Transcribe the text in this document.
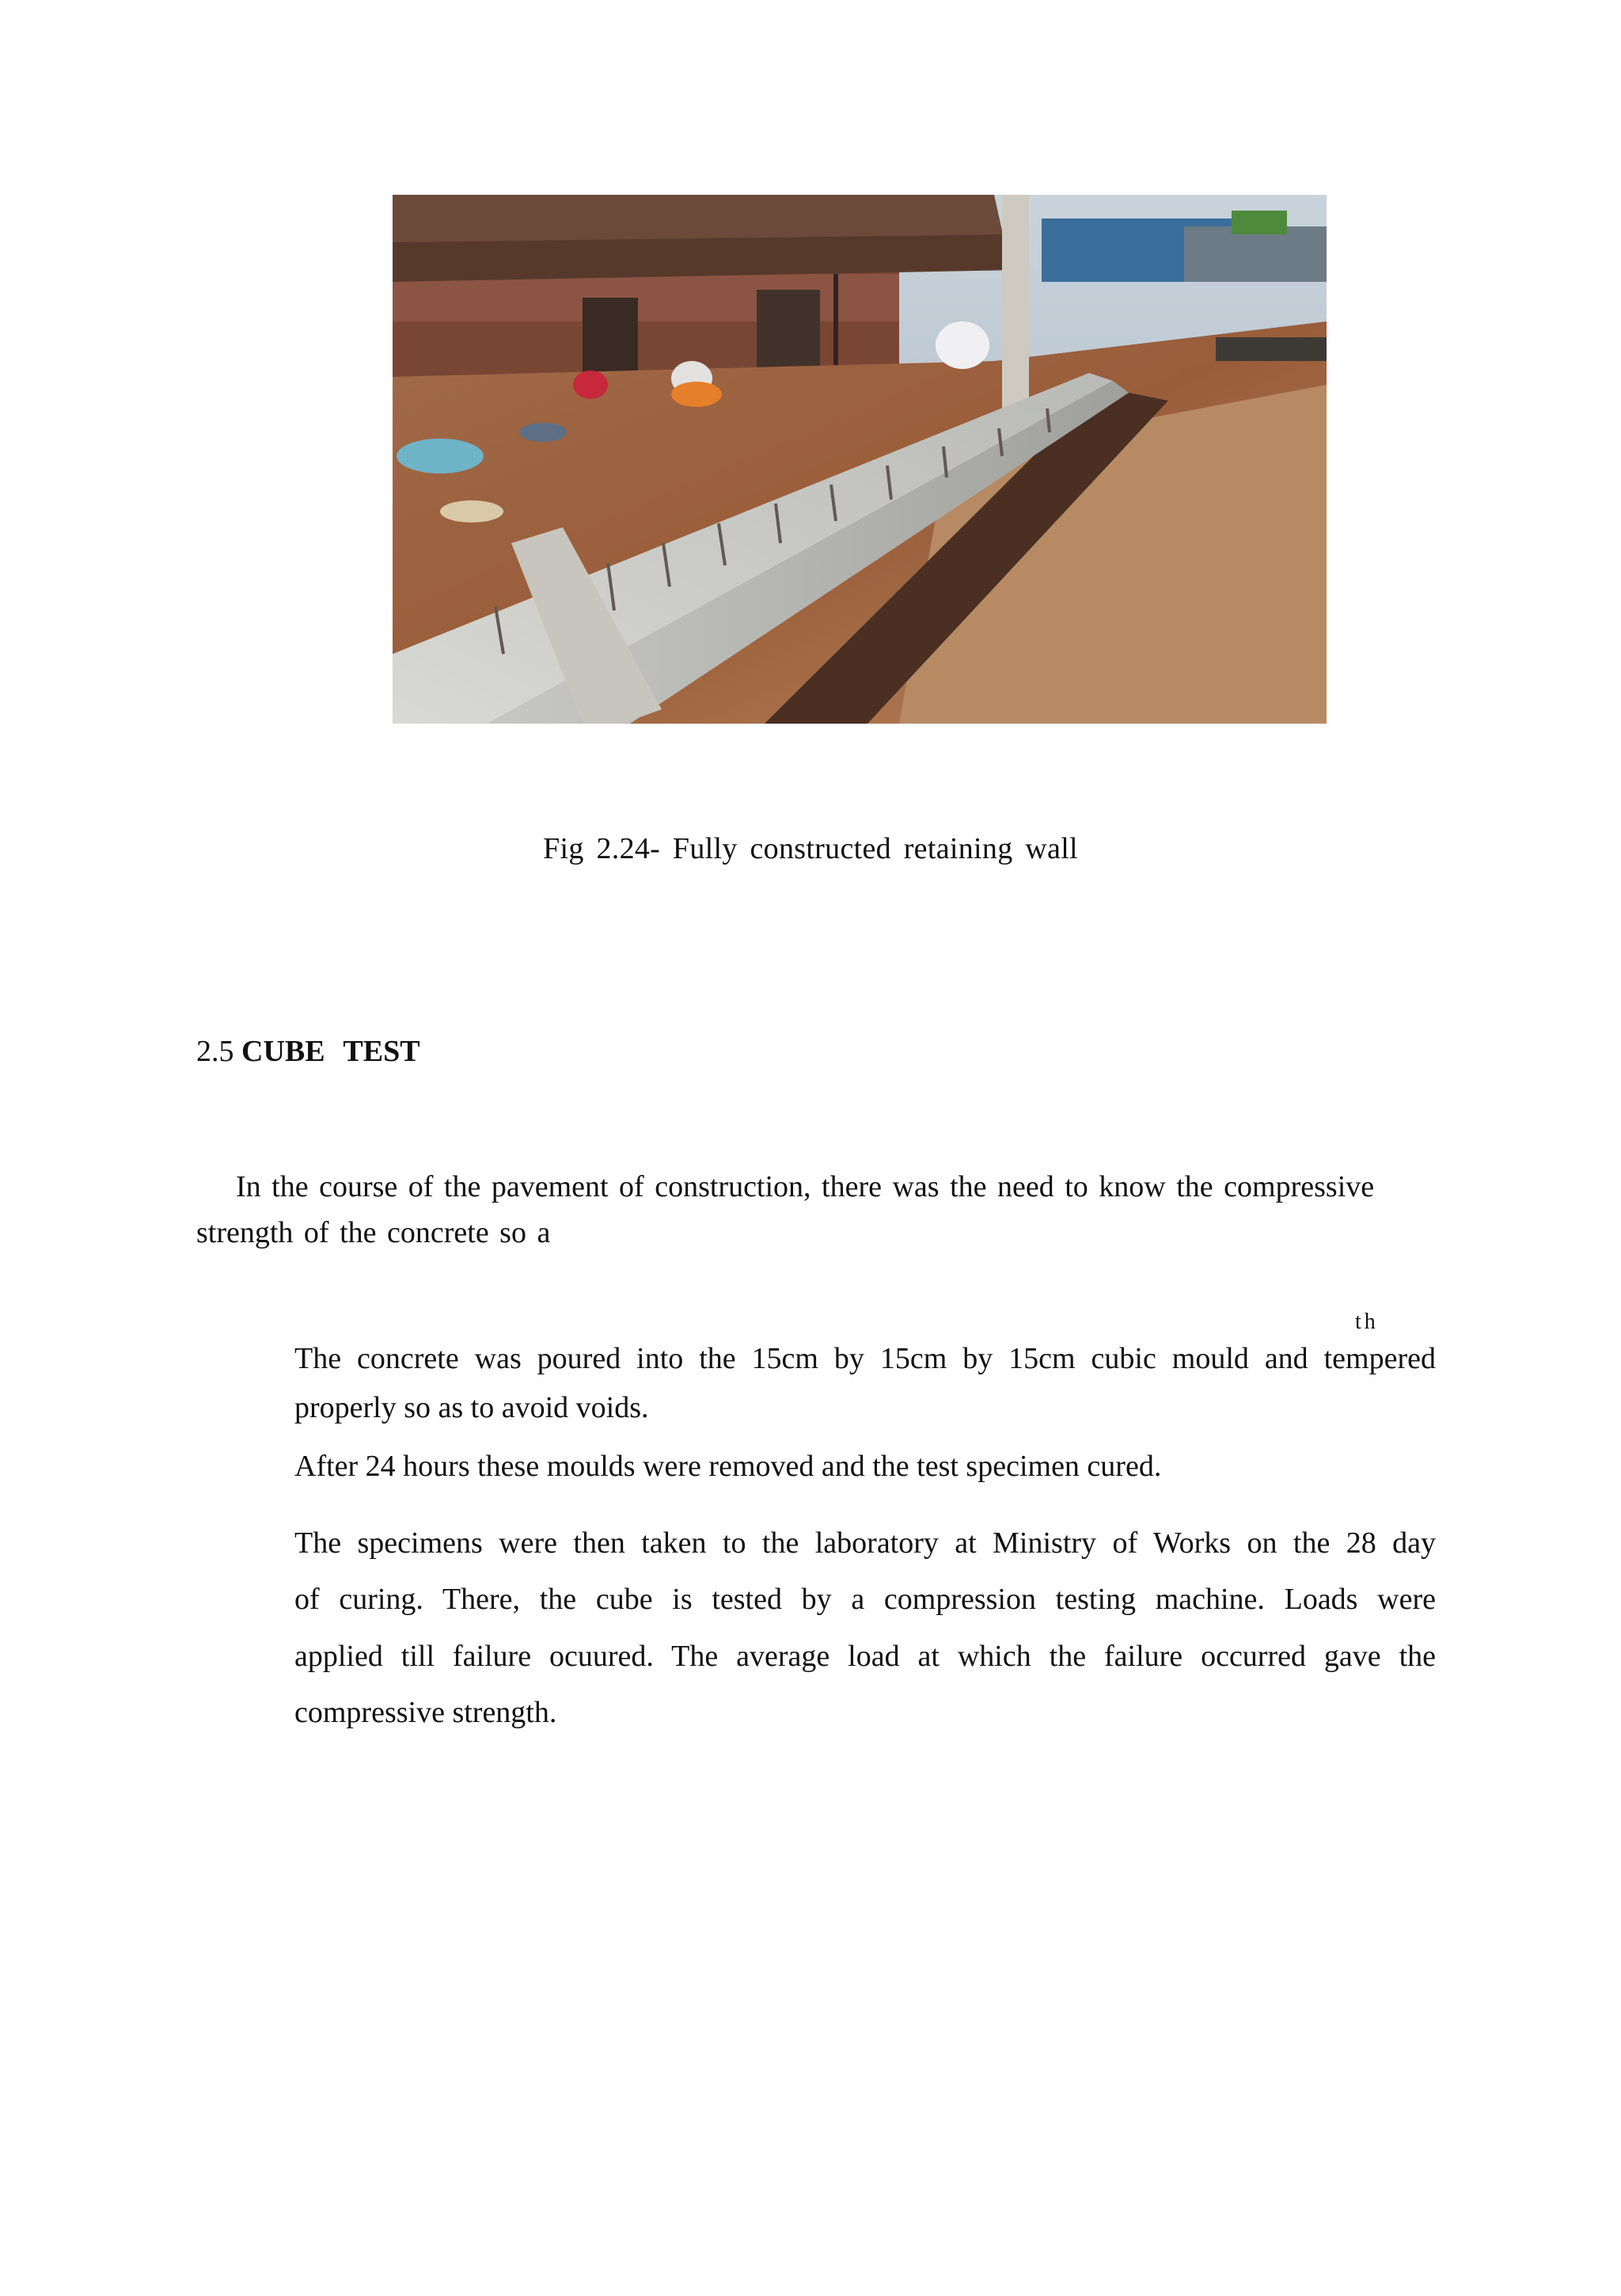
Fig 2.24- Fully constructed retaining wall
2.5 CUBE TEST

In the course of the pavement of construction, there was the need to know the compressive strength of the concrete so a

th

The concrete was poured into the 15cm by 15cm by 15cm cubic mould and tempered

properly so as to avoid voids.

After 24 hours these moulds were removed and the test specimen cured.

The specimens were then taken to the laboratory at Ministry of Works on the 28 day

of curing. There, the cube is tested by a compression testing machine. Loads were

applied till failure ocuured. The average load at which the failure occurred gave the

compressive strength.
